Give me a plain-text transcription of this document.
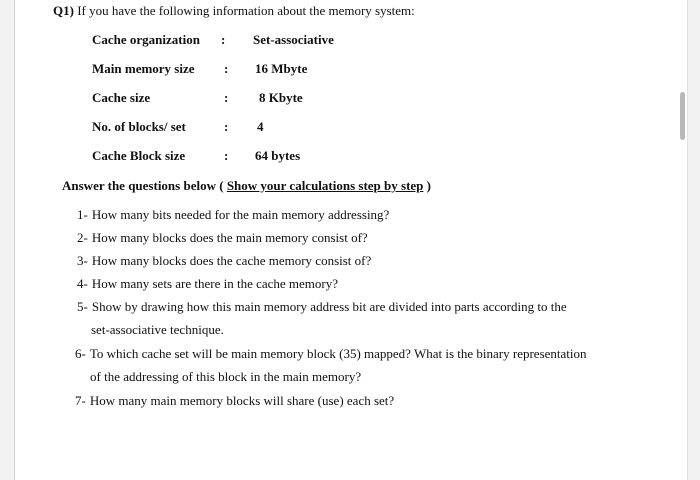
Q1) If you have the following information about the memory system:
Cache organization : Set-associative
Main memory size : 16 Mbyte
Cache size	: 8 Kbyte
No. of blocks/ set	: 4
Cache Block size	: 64 bytes
Answer the questions below ( Show your calculations step by step )
1- How many bits needed for the main memory addressing?
2- How many blocks does the main memory consist of?
3- How many blocks does the cache memory consist of?
4- How many sets are there in the cache memory?
5- Show by drawing how this main memory address bit are divided into parts according to the
set-associative technique.
6- To which cache set will be main memory block (35) mapped? What is the binary representation
of the addressing of this block in the main memory?
7- How many main memory blocks will share (use) each set?
